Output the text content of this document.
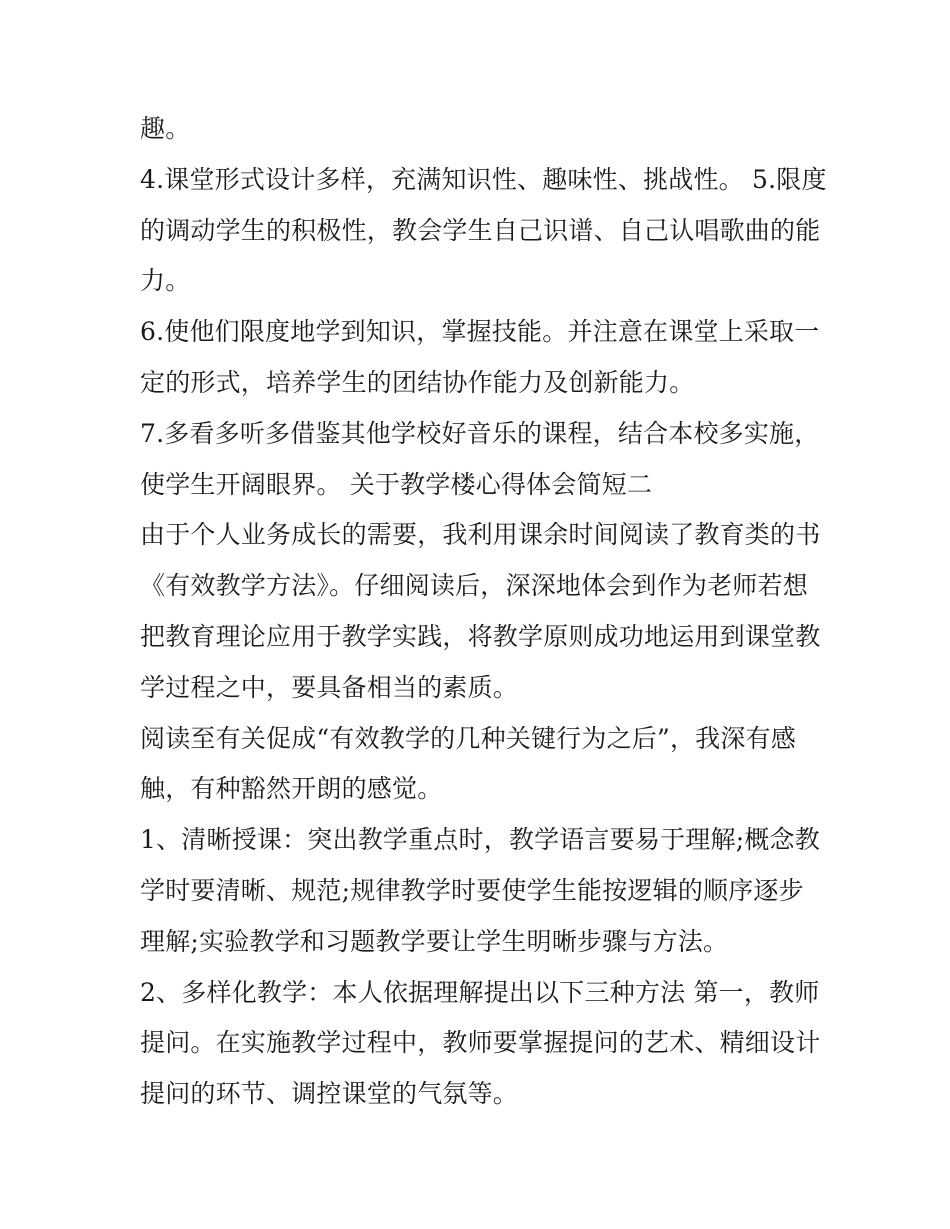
趣。
4.课堂形式设计多样，充满知识性、趣味性、挑战性。 5.限度
的调动学生的积极性，教会学生自己识谱、自己认唱歌曲的能
力。
6.使他们限度地学到知识，掌握技能。并注意在课堂上采取一
定的形式，培养学生的团结协作能力及创新能力。
7.多看多听多借鉴其他学校好音乐的课程，结合本校多实施，
使学生开阔眼界。 关于教学楼心得体会简短二
由于个人业务成长的需要，我利用课余时间阅读了教育类的书
《有效教学方法》。仔细阅读后，深深地体会到作为老师若想
把教育理论应用于教学实践，将教学原则成功地运用到课堂教
学过程之中，要具备相当的素质。
阅读至有关促成“有效教学的几种关键行为之后”，我深有感
触，有种豁然开朗的感觉。
1、清晰授课：突出教学重点时，教学语言要易于理解;概念教
学时要清晰、规范;规律教学时要使学生能按逻辑的顺序逐步
理解;实验教学和习题教学要让学生明晰步骤与方法。
2、多样化教学：本人依据理解提出以下三种方法 第一，教师
提问。在实施教学过程中，教师要掌握提问的艺术、精细设计
提问的环节、调控课堂的气氛等。
